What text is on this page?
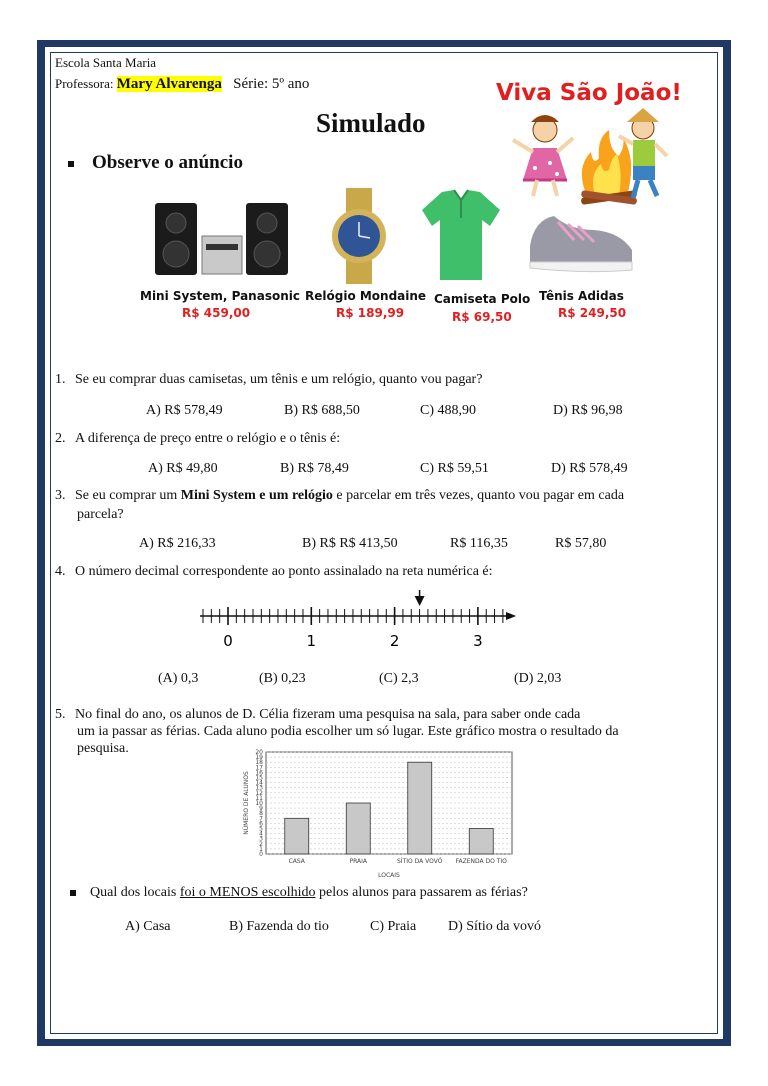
Escola Santa Maria
Professora: Mary Alvarenga Série: 5º ano
Simulado
Viva São João!
Observe o anúncio
Mini System, Panasonic
R$ 459,00
Relógio Mondaine
R$ 189,99
Camiseta Polo
R$ 69,50
Tênis Adidas
R$ 249,50
1. Se eu comprar duas camisetas, um tênis e um relógio, quanto vou pagar?
A) R$ 578,49	B) R$ 688,50	C) 488,90	D) R$ 96,98
2. A diferença de preço entre o relógio e o tênis é:
A) R$ 49,80	B) R$ 78,49	C) R$ 59,51	D) R$ 578,49
3. Se eu comprar um Mini System e um relógio e parcelar em três vezes, quanto vou pagar em cada
parcela?
A) R$ 216,33	B) R$ R$ 413,50	R$ 116,35	R$ 57,80
4. O número decimal correspondente ao ponto assinalado na reta numérica é:
0	1	2	3
(A) 0,3	(B) 0,23	(C) 2,3	(D) 2,03
5. No final do ano, os alunos de D. Célia fizeram uma pesquisa na sala, para saber onde cada
um ia passar as férias. Cada aluno podia escolher um só lugar. Este gráfico mostra o resultado da
pesquisa.
0
1
2
3
4
5
6
7
8
9
10
11
12
13
14
15
16
17
18
19
20
CASA	PRAIA	SÍTIO DA VOVÓ FAZENDA DO TIO
NÚMERO DE ALUNOS
LOCAIS
Qual dos locais foi o MENOS escolhido pelos alunos para passarem as férias?
A) Casa	B) Fazenda do tio	C) Praia D) Sítio da vovó
